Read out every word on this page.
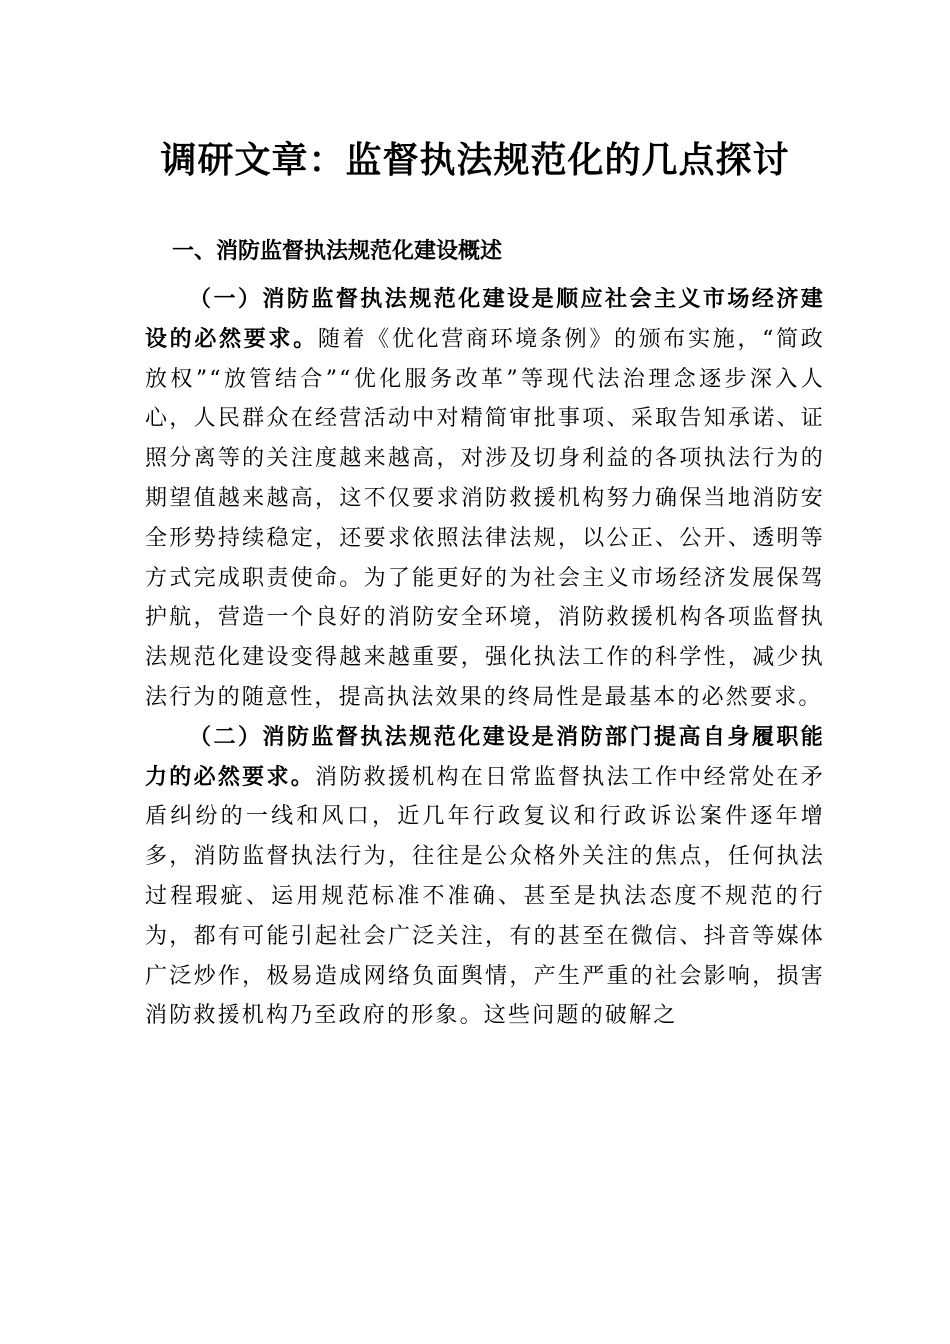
调研文章：监督执法规范化的几点探讨
一、消防监督执法规范化建设概述

（一）消防监督执法规范化建设是顺应社会主义市场经济建设的必然要求。随着《优化营商环境条例》的颁布实施，“简政放权”“放管结合”“优化服务改革”等现代法治理念逐步深入人心，人民群众在经营活动中对精简审批事项、采取告知承诺、证照分离等的关注度越来越高，对涉及切身利益的各项执法行为的期望值越来越高，这不仅要求消防救援机构努力确保当地消防安全形势持续稳定，还要求依照法律法规，以公正、公开、透明等方式完成职责使命。为了能更好的为社会主义市场经济发展保驾护航，营造一个良好的消防安全环境，消防救援机构各项监督执法规范化建设变得越来越重要，强化执法工作的科学性，减少执法行为的随意性，提高执法效果的终局性是最基本的必然要求。

（二）消防监督执法规范化建设是消防部门提高自身履职能力的必然要求。消防救援机构在日常监督执法工作中经常处在矛盾纠纷的一线和风口，近几年行政复议和行政诉讼案件逐年增多，消防监督执法行为，往往是公众格外关注的焦点，任何执法过程瑕疵、运用规范标准不准确、甚至是执法态度不规范的行为，都有可能引起社会广泛关注，有的甚至在微信、抖音等媒体广泛炒作，极易造成网络负面舆情，产生严重的社会影响，损害消防救援机构乃至政府的形象。这些问题的破解之
